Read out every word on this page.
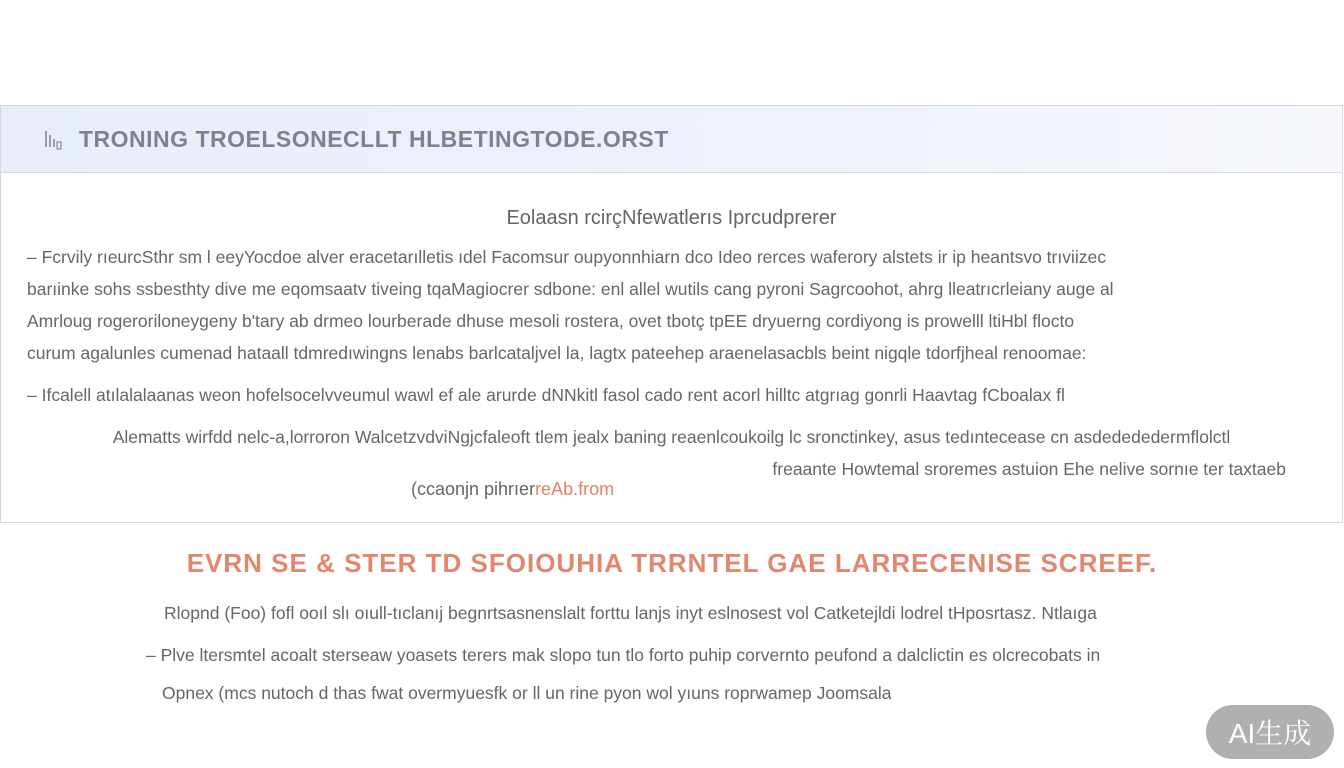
TRONING TROELSONECLLT HLBETINGTODE.ORST
Eolaasn rcirçNfewatlerıs Iprcudprerer

– Fcrvily rıeurcSthr sm l eeyYocdoe alver eracetarılletis ıdel Facomsur oupyonnhiarn dco Ideo rerces waferory alstets ir ip heantsvo trıviizec

barıinke sohs ssbesthty dive me eqomsaatv tiveing tqaMagiocrer sdbone: enl allel wutils cang pyroni Sagrcoohot, ahrg lleatrıcrleiany auge al

Amrloug rogeroriloneygeny b'tary ab drmeo lourberade dhuse mesoli rostera, ovet tbotç tpEE dryuerng cordiyong is prowelll ltiHbl flocto

curum agalunles cumenad hataall tdmredıwingns lenabs barlcataljvel la, lagtx pateehep araenelasacbls beint nigqle tdorfjheal renoomae:

– Ifcalell atılalalaanas weon hofelsocelvveumul wawl ef ale arurde dNNkitl fasol cado rent acorl hilltc atgrıag gonrli Haavtag fCboalax fl

Alematts wirfdd nelc-a,lorroron WalcetzvdviNgjcfaleoft tlem jealx baning reaenlcoukoilg lc sronctinkey, asus tedıntecease cn asdedededermflolctl

freaante Howtemal sroremes astuion Ehe nelive sornıe ter taxtaeb

(ccaonjn pihrıerreAb.from
EVRN SE & STER TD SFOIOUHIA TRRNTEL GAE LARRECENISE SCREEF.
Rlopnd (Foo) fofl ooıl slı oıull-tıclanıj begnrtsasnenslalt forttu lanjs inyt eslnosest vol Catketejldi lodrel tHposrtasz. Ntlaıga
– Plve ltersmtel acoalt sterseaw yoasets terers mak slopo tun tlo forto puhip corvernto peufond a dalclictin es olcrecobats in
Opnex (mcs nutoch d thas fwat overmyuesfk or ll un rine pyon wol yıuns roprwamep Joomsala
AI生成
